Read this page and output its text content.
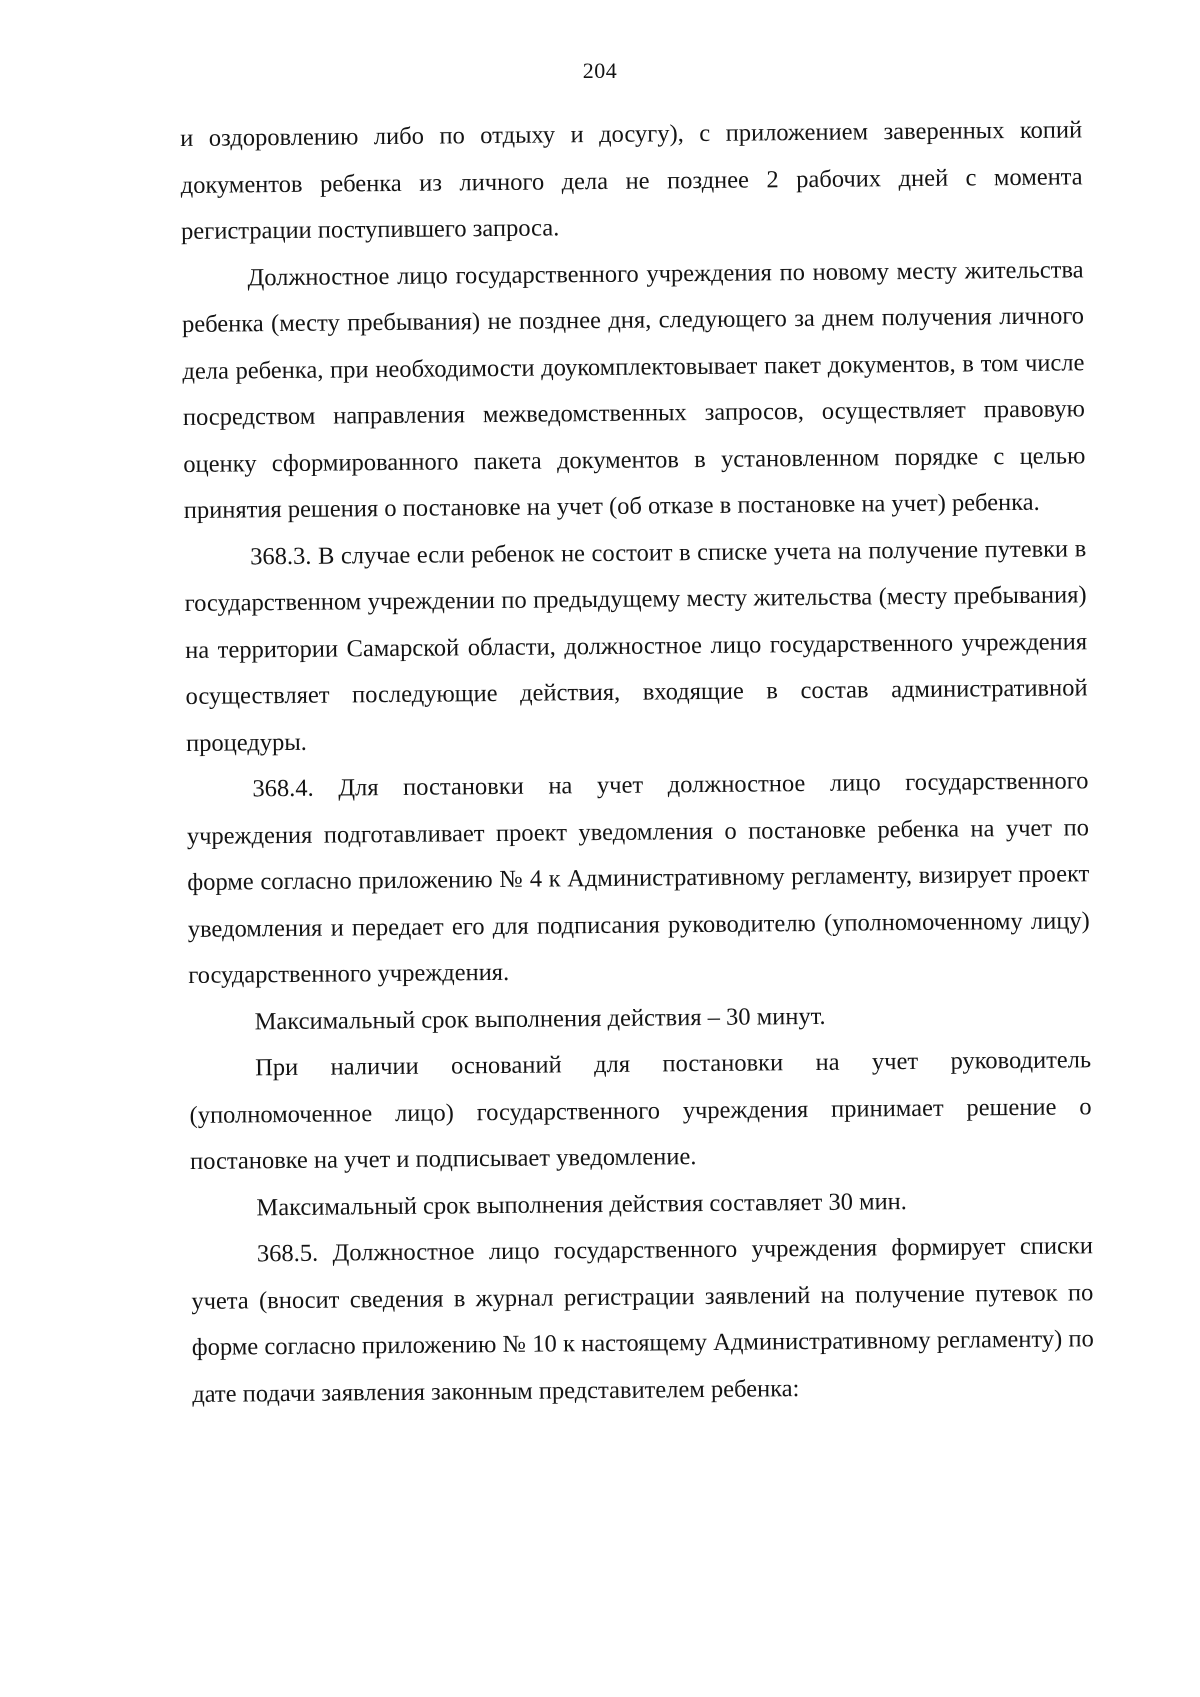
204

и оздоровлению либо по отдыху и досугу), с приложением заверенных копий документов ребенка из личного дела не позднее 2 рабочих дней с момента регистрации поступившего запроса.

Должностное лицо государственного учреждения по новому месту жительства ребенка (месту пребывания) не позднее дня, следующего за днем получения личного дела ребенка, при необходимости доукомплектовывает пакет документов, в том числе посредством направления межведомственных запросов, осуществляет правовую оценку сформированного пакета документов в установленном порядке с целью принятия решения о постановке на учет (об отказе в постановке на учет) ребенка.

368.3. В случае если ребенок не состоит в списке учета на получение путевки в государственном учреждении по предыдущему месту жительства (месту пребывания) на территории Самарской области, должностное лицо государственного учреждения осуществляет последующие действия, входящие в состав административной процедуры.

368.4. Для постановки на учет должностное лицо государственного учреждения подготавливает проект уведомления о постановке ребенка на учет по форме согласно приложению № 4 к Административному регламенту, визирует проект уведомления и передает его для подписания руководителю (уполномоченному лицу) государственного учреждения.

Максимальный срок выполнения действия – 30 минут.

При наличии оснований для постановки на учет руководитель (уполномоченное лицо) государственного учреждения принимает решение о постановке на учет и подписывает уведомление.

Максимальный срок выполнения действия составляет 30 мин.

368.5. Должностное лицо государственного учреждения формирует списки учета (вносит сведения в журнал регистрации заявлений на получение путевок по форме согласно приложению № 10 к настоящему Административному регламенту) по дате подачи заявления законным представителем ребенка:
